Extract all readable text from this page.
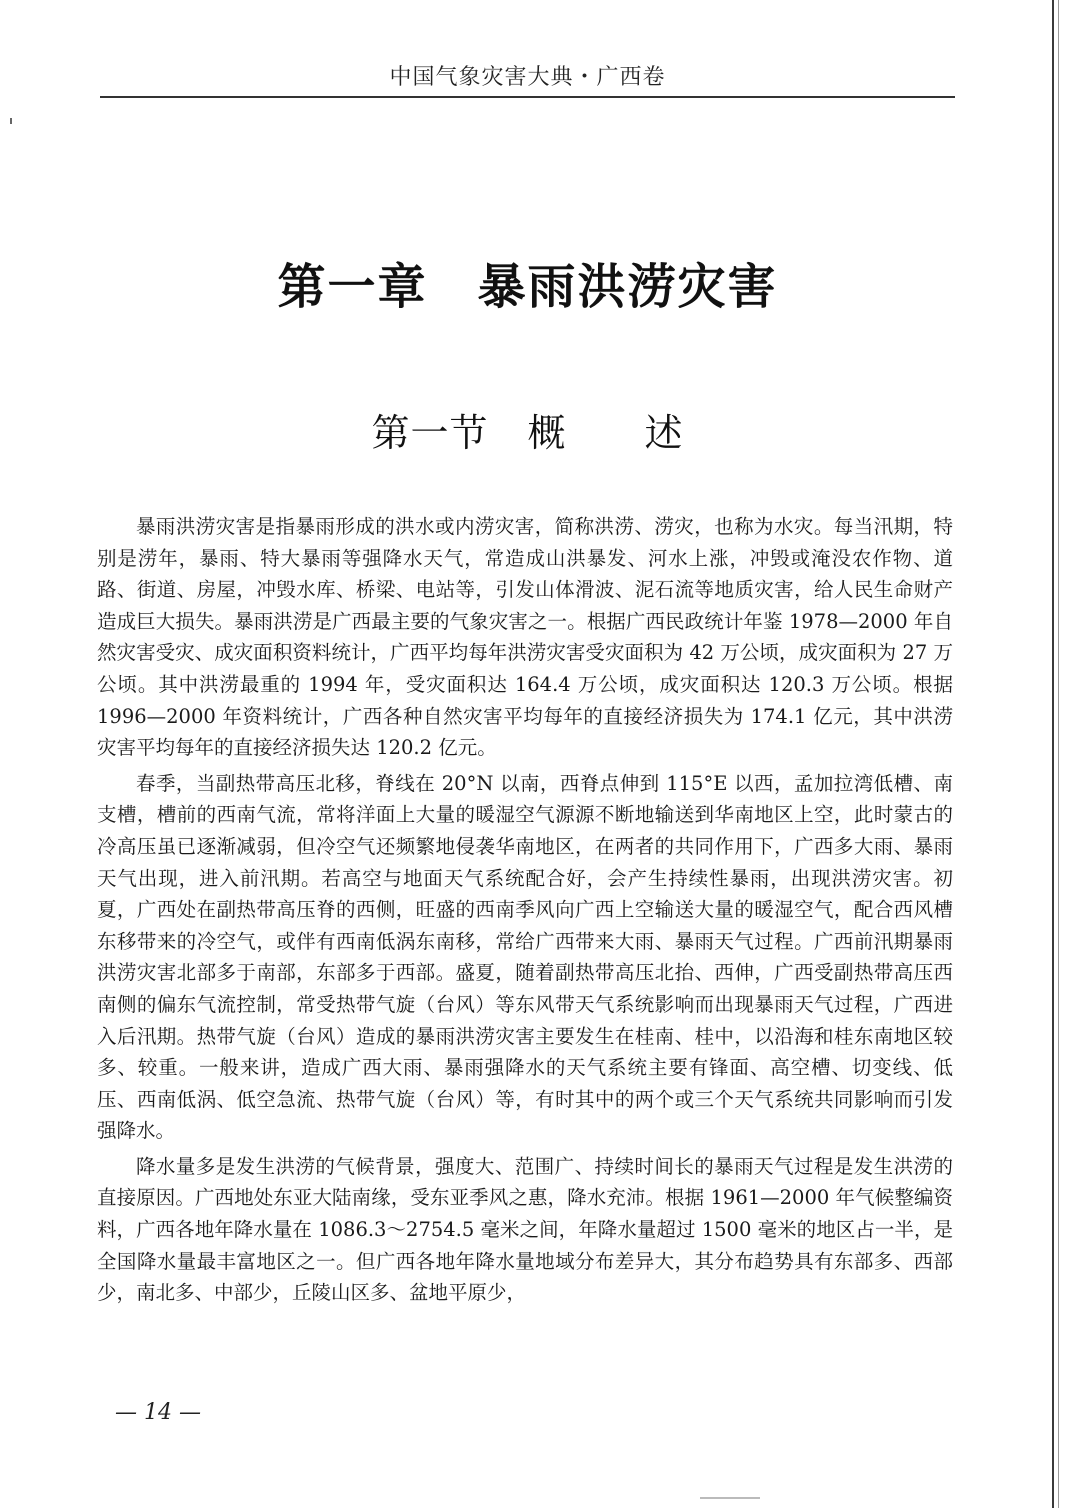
中国气象灾害大典・广西卷
第一章　暴雨洪涝灾害
第一节　概　　述

暴雨洪涝灾害是指暴雨形成的洪水或内涝灾害，简称洪涝、涝灾，也称为水灾。每当汛期，特别是涝年，暴雨、特大暴雨等强降水天气，常造成山洪暴发、河水上涨，冲毁或淹没农作物、道路、街道、房屋，冲毁水库、桥梁、电站等，引发山体滑波、泥石流等地质灾害，给人民生命财产造成巨大损失。暴雨洪涝是广西最主要的气象灾害之一。根据广西民政统计年鉴 1978—2000 年自然灾害受灾、成灾面积资料统计，广西平均每年洪涝灾害受灾面积为 42 万公顷，成灾面积为 27 万公顷。其中洪涝最重的 1994 年，受灾面积达 164.4 万公顷，成灾面积达 120.3 万公顷。根据 1996—2000 年资料统计，广西各种自然灾害平均每年的直接经济损失为 174.1 亿元，其中洪涝灾害平均每年的直接经济损失达 120.2 亿元。

春季，当副热带高压北移，脊线在 20°N 以南，西脊点伸到 115°E 以西，孟加拉湾低槽、南支槽，槽前的西南气流，常将洋面上大量的暖湿空气源源不断地输送到华南地区上空，此时蒙古的冷高压虽已逐渐减弱，但冷空气还频繁地侵袭华南地区，在两者的共同作用下，广西多大雨、暴雨天气出现，进入前汛期。若高空与地面天气系统配合好，会产生持续性暴雨，出现洪涝灾害。初夏，广西处在副热带高压脊的西侧，旺盛的西南季风向广西上空输送大量的暖湿空气，配合西风槽东移带来的冷空气，或伴有西南低涡东南移，常给广西带来大雨、暴雨天气过程。广西前汛期暴雨洪涝灾害北部多于南部，东部多于西部。盛夏，随着副热带高压北抬、西伸，广西受副热带高压西南侧的偏东气流控制，常受热带气旋（台风）等东风带天气系统影响而出现暴雨天气过程，广西进入后汛期。热带气旋（台风）造成的暴雨洪涝灾害主要发生在桂南、桂中，以沿海和桂东南地区较多、较重。一般来讲，造成广西大雨、暴雨强降水的天气系统主要有锋面、高空槽、切变线、低压、西南低涡、低空急流、热带气旋（台风）等，有时其中的两个或三个天气系统共同影响而引发强降水。

降水量多是发生洪涝的气候背景，强度大、范围广、持续时间长的暴雨天气过程是发生洪涝的直接原因。广西地处东亚大陆南缘，受东亚季风之惠，降水充沛。根据 1961—2000 年气候整编资料，广西各地年降水量在 1086.3～2754.5 毫米之间，年降水量超过 1500 毫米的地区占一半，是全国降水量最丰富地区之一。但广西各地年降水量地域分布差异大，其分布趋势具有东部多、西部少，南北多、中部少，丘陵山区多、盆地平原少，

— 14 —
